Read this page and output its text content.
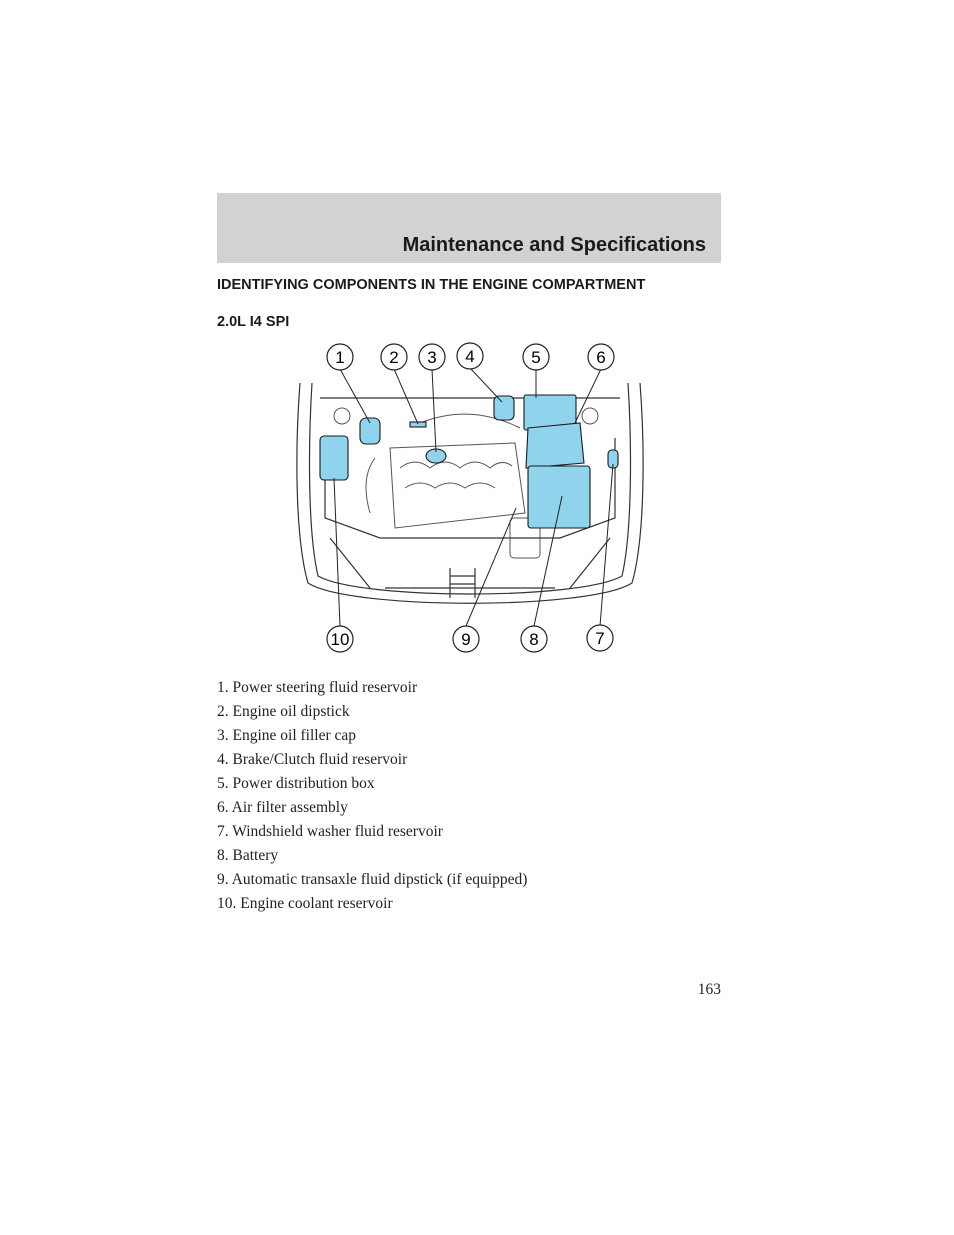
Maintenance and Specifications
IDENTIFYING COMPONENTS IN THE ENGINE COMPARTMENT
2.0L I4 SPI
1	2 3 4	5	6
7
8
9
10
1. Power steering fluid reservoir
2. Engine oil dipstick
3. Engine oil filler cap
4. Brake/Clutch fluid reservoir
5. Power distribution box
6. Air filter assembly
7. Windshield washer fluid reservoir
8. Battery
9. Automatic transaxle fluid dipstick (if equipped)
10. Engine coolant reservoir
163
